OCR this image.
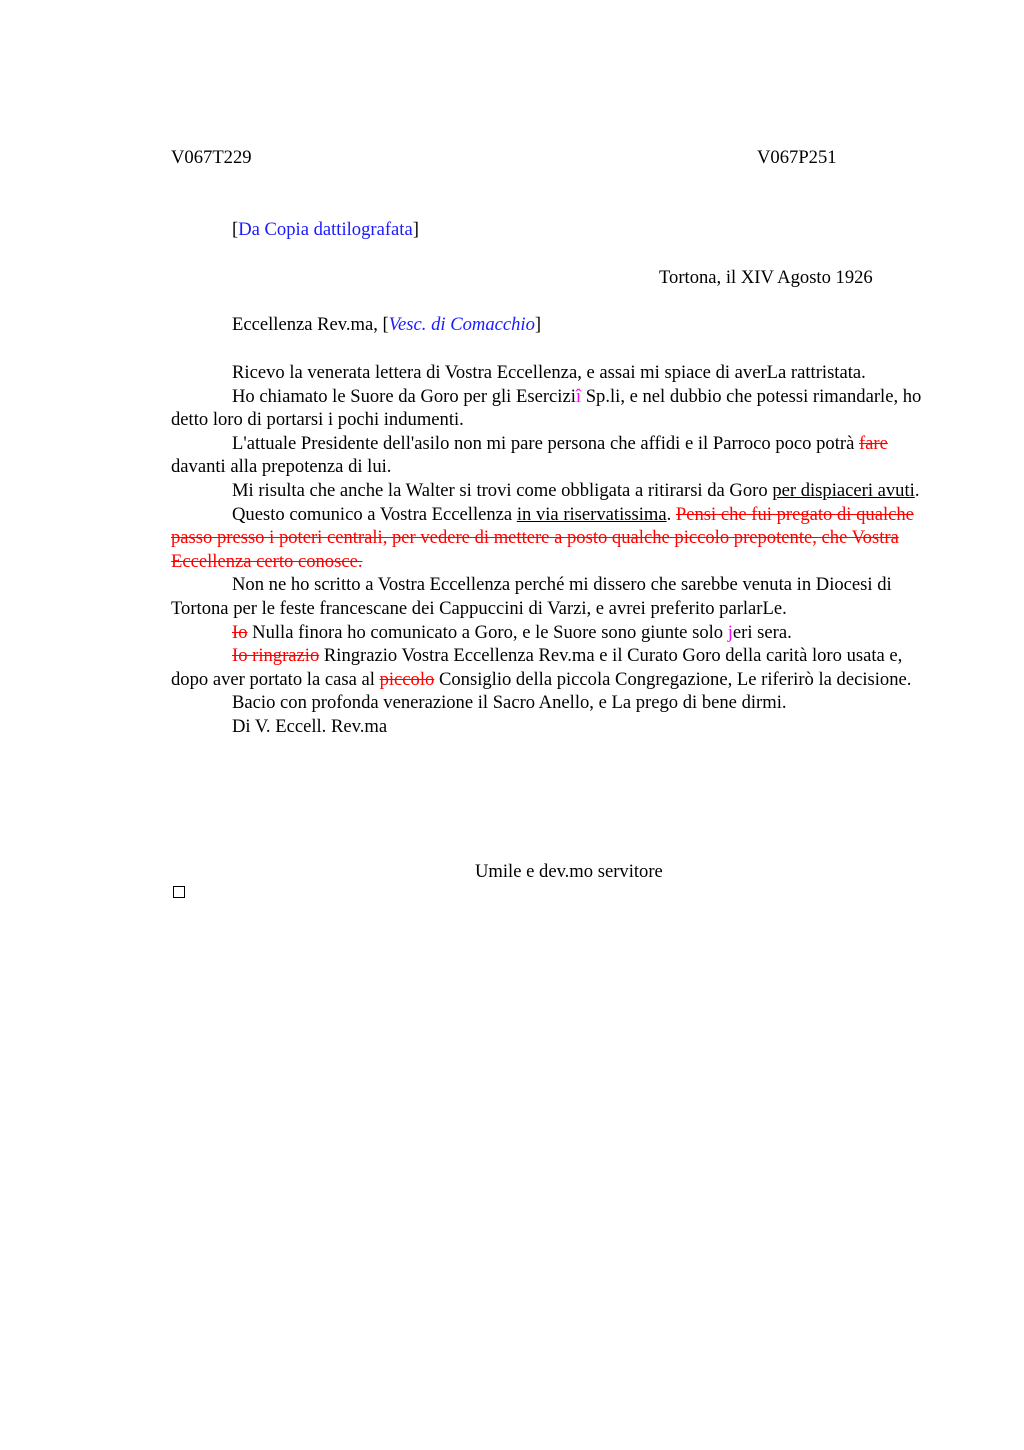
V067T229	V067P251
[Da Copia dattilografata]
Tortona, il XIV Agosto 1926
Eccellenza Rev.ma, [Vesc. di Comacchio]

Ricevo la venerata lettera di Vostra Eccellenza, e assai mi spiace di averLa rattristata.

Ho chiamato le Suore da Goro per gli Eserciziî Sp.li, e nel dubbio che potessi rimandarle, ho detto loro di portarsi i pochi indumenti.

L'attuale Presidente dell'asilo non mi pare persona che affidi e il Parroco poco potrà fare davanti alla prepotenza di lui.

Mi risulta che anche la Walter si trovi come obbligata a ritirarsi da Goro per dispiaceri avuti.

Questo comunico a Vostra Eccellenza in via riservatissima. Pensi che fui pregato di qualche passo presso i poteri centrali, per vedere di mettere a posto qualche piccolo prepotente, che Vostra Eccellenza certo conosce.

Non ne ho scritto a Vostra Eccellenza perché mi dissero che sarebbe venuta in Diocesi di Tortona per le feste francescane dei Cappuccini di Varzi, e avrei preferito parlarLe.

Io Nulla finora ho comunicato a Goro, e le Suore sono giunte solo jeri sera.

Io ringrazio Ringrazio Vostra Eccellenza Rev.ma e il Curato Goro della carità loro usata e, dopo aver portato la casa al piccolo Consiglio della piccola Congregazione, Le riferirò la decisione.

Bacio con profonda venerazione il Sacro Anello, e La prego di bene dirmi.

Di V. Eccell. Rev.ma

Umile e dev.mo servitore
